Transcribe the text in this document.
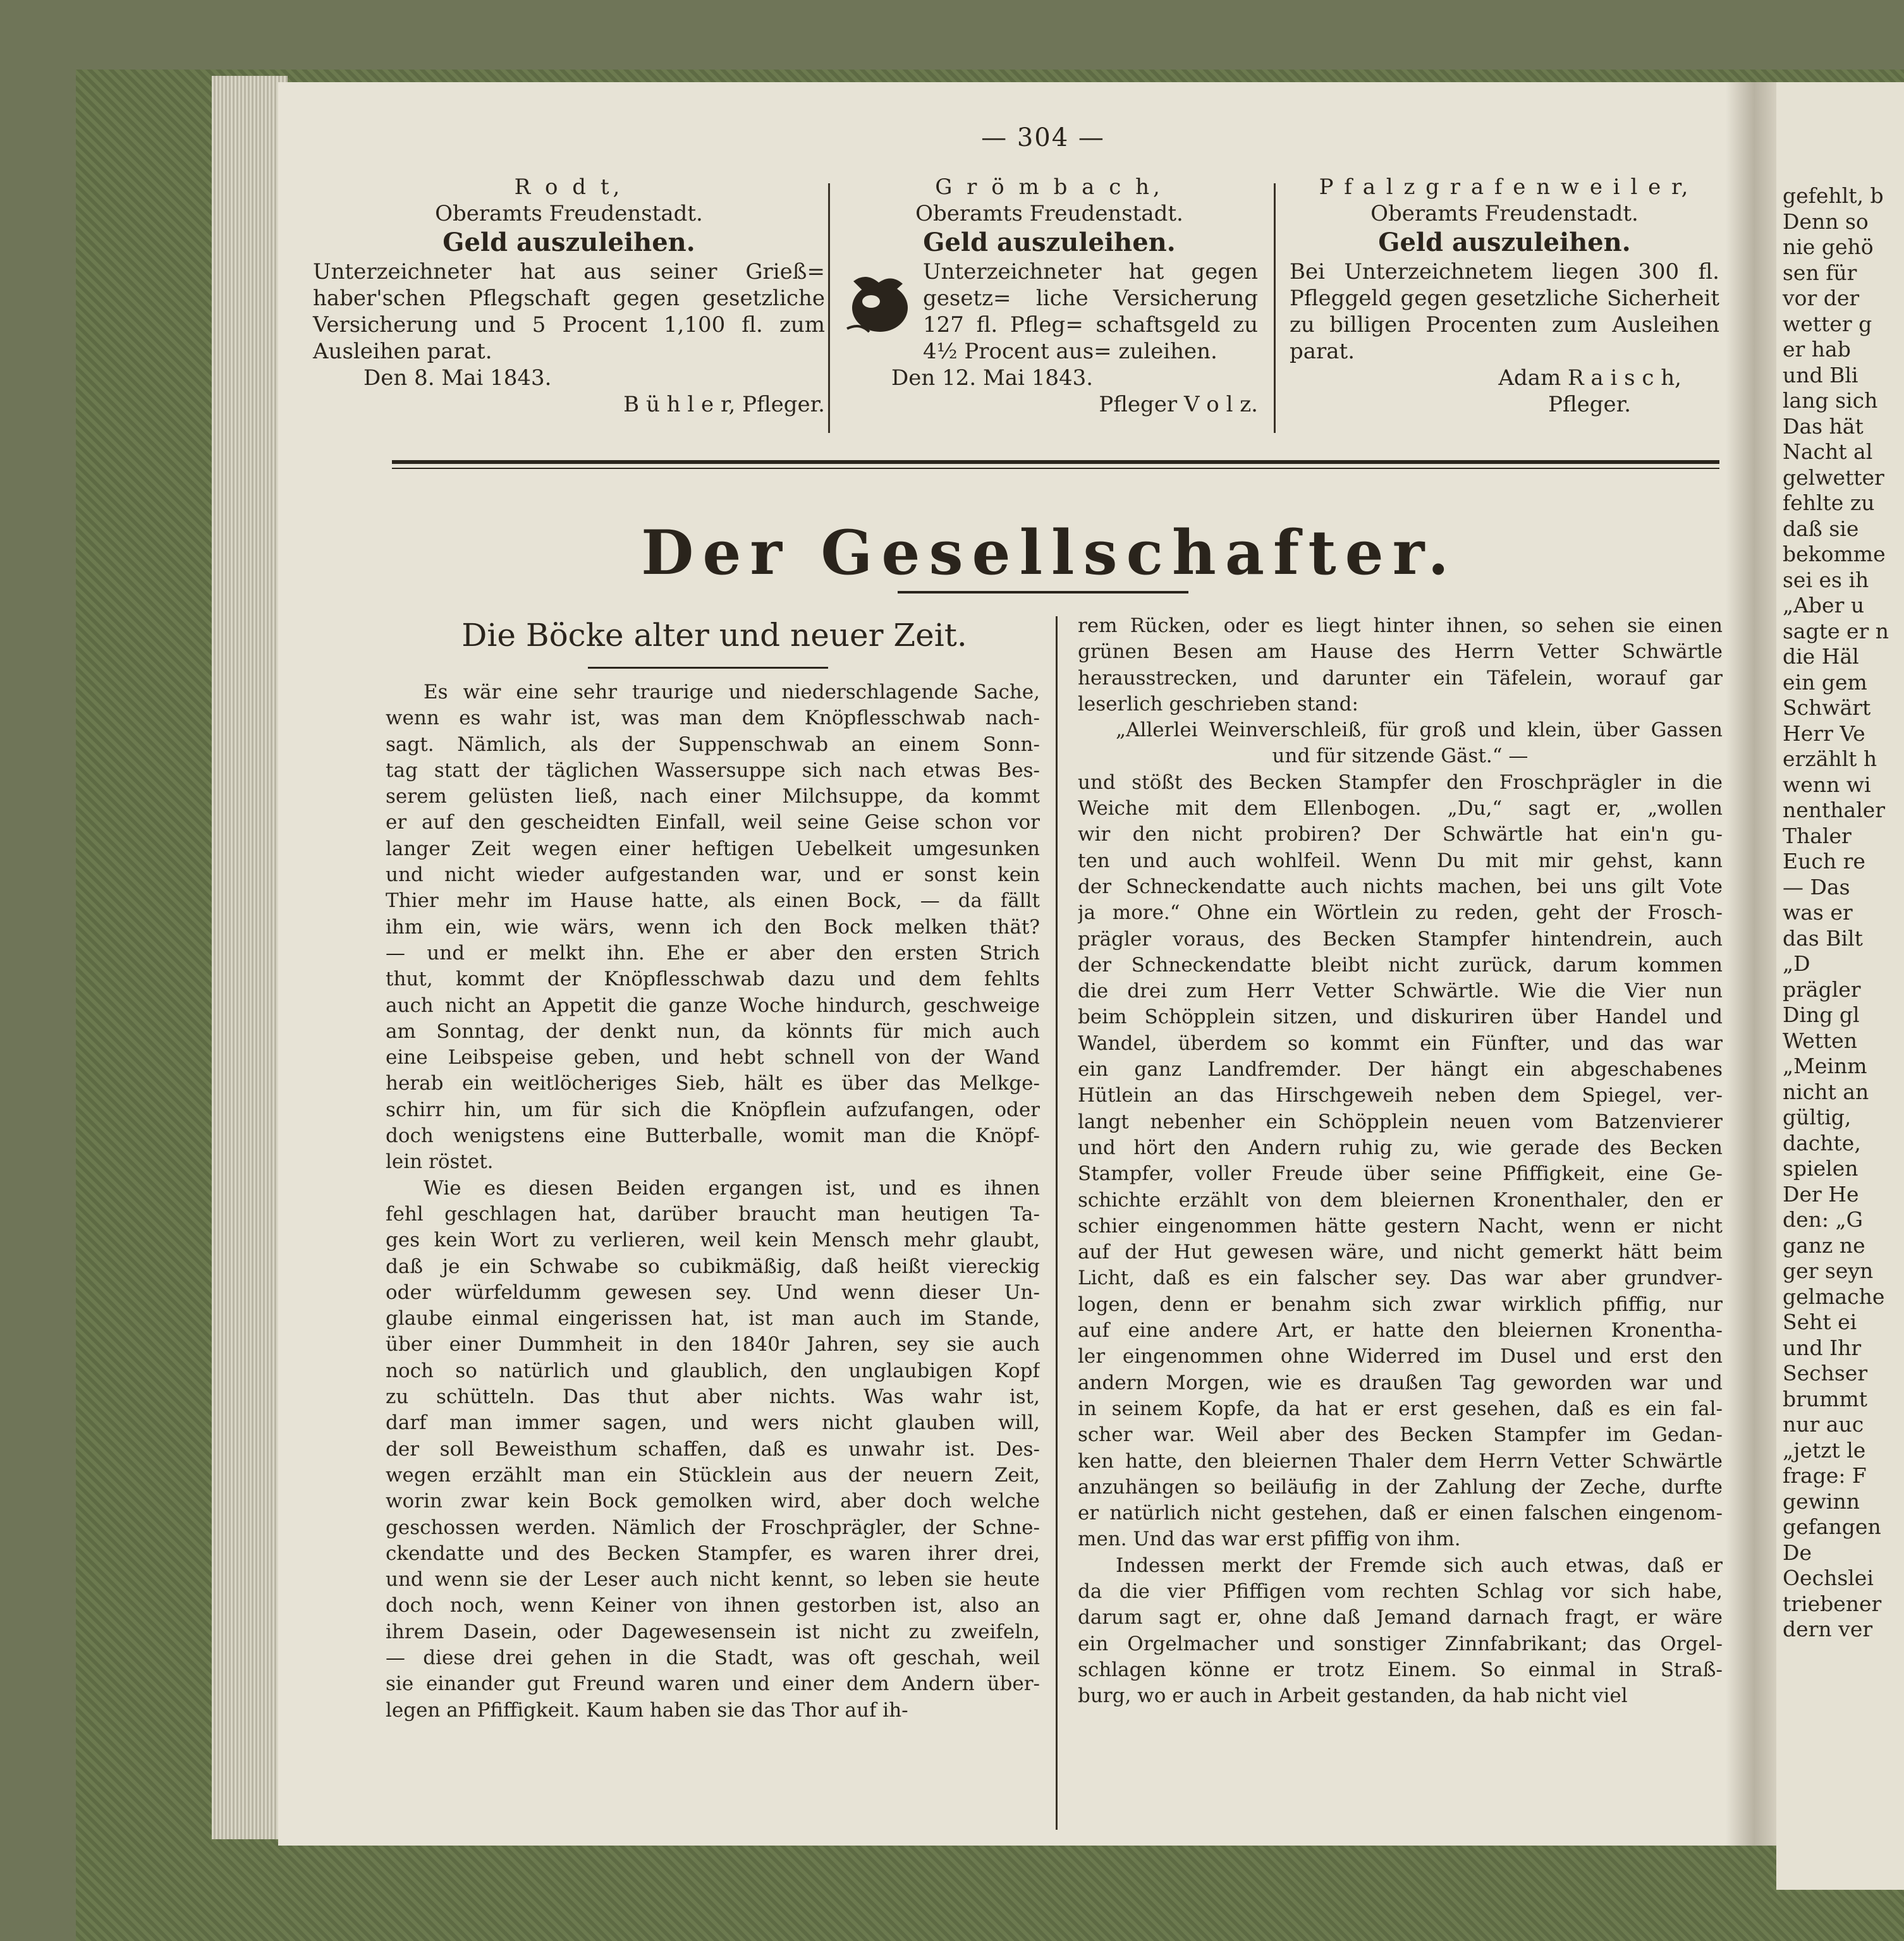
gefehlt, b
Denn so
nie gehö
sen für
vor der
wetter g
er hab
und Bli
lang sich
Das hät
Nacht al
gelwetter
fehlte zu
daß sie
bekomme
sei es ih
„Aber u
sagte er n
die Häl
ein gem
Schwärt
Herr Ve
erzählt h
wenn wi
nenthaler
Thaler
Euch re
— Das
was er
das Bilt
„D
prägler
Ding gl
Wetten
„Meinm
nicht an
gültig,
dachte,
spielen
Der He
den: „G
ganz ne
ger seyn
gelmache
Seht ei
und Ihr
Sechser
brummt
nur auc
„jetzt le
frage: F
gewinn
gefangen
De
Oechslei
triebener
dern ver
— 304 —
R o d t,
Oberamts Freudenstadt.
Geld auszuleihen.
Unterzeichneter hat aus seiner Grieß= haber'schen Pflegschaft gegen gesetzliche Versicherung und 5 Procent 1,100 fl. zum Ausleihen parat.
Den 8. Mai 1843.
B ü h l e r, Pfleger.
G r ö m b a c h,
Oberamts Freudenstadt.
Geld auszuleihen.
Unterzeichneter hat gegen gesetz= liche Versicherung 127 fl. Pfleg= schaftsgeld zu 4½ Procent aus= zuleihen.
Den 12. Mai 1843.
Pfleger V o l z.
P f a l z g r a f e n w e i l e r,
Oberamts Freudenstadt.
Geld auszuleihen.
Bei Unterzeichnetem liegen 300 fl. Pfleggeld gegen gesetzliche Sicherheit zu billigen Procenten zum Ausleihen parat.
Adam R a i s c h,
Pfleger.
Der Gesellschafter.
Die Böcke alter und neuer Zeit.

Es wär eine sehr traurige und niederschlagende Sache,

wenn es wahr ist, was man dem Knöpflesschwab nach-

sagt. Nämlich, als der Suppenschwab an einem Sonn-

tag statt der täglichen Wassersuppe sich nach etwas Bes-

serem gelüsten ließ, nach einer Milchsuppe, da kommt

er auf den gescheidten Einfall, weil seine Geise schon vor

langer Zeit wegen einer heftigen Uebelkeit umgesunken

und nicht wieder aufgestanden war, und er sonst kein

Thier mehr im Hause hatte, als einen Bock, — da fällt

ihm ein, wie wärs, wenn ich den Bock melken thät?

— und er melkt ihn. Ehe er aber den ersten Strich

thut, kommt der Knöpflesschwab dazu und dem fehlts

auch nicht an Appetit die ganze Woche hindurch, geschweige

am Sonntag, der denkt nun, da könnts für mich auch

eine Leibspeise geben, und hebt schnell von der Wand

herab ein weitlöcheriges Sieb, hält es über das Melkge-

schirr hin, um für sich die Knöpflein aufzufangen, oder

doch wenigstens eine Butterballe, womit man die Knöpf-

lein röstet.

Wie es diesen Beiden ergangen ist, und es ihnen

fehl geschlagen hat, darüber braucht man heutigen Ta-

ges kein Wort zu verlieren, weil kein Mensch mehr glaubt,

daß je ein Schwabe so cubikmäßig, daß heißt viereckig

oder würfeldumm gewesen sey. Und wenn dieser Un-

glaube einmal eingerissen hat, ist man auch im Stande,

über einer Dummheit in den 1840r Jahren, sey sie auch

noch so natürlich und glaublich, den unglaubigen Kopf

zu schütteln. Das thut aber nichts. Was wahr ist,

darf man immer sagen, und wers nicht glauben will,

der soll Beweisthum schaffen, daß es unwahr ist. Des-

wegen erzählt man ein Stücklein aus der neuern Zeit,

worin zwar kein Bock gemolken wird, aber doch welche

geschossen werden. Nämlich der Froschprägler, der Schne-

ckendatte und des Becken Stampfer, es waren ihrer drei,

und wenn sie der Leser auch nicht kennt, so leben sie heute

doch noch, wenn Keiner von ihnen gestorben ist, also an

ihrem Dasein, oder Dagewesensein ist nicht zu zweifeln,

— diese drei gehen in die Stadt, was oft geschah, weil

sie einander gut Freund waren und einer dem Andern über-

legen an Pfiffigkeit. Kaum haben sie das Thor auf ih-

rem Rücken, oder es liegt hinter ihnen, so sehen sie einen

grünen Besen am Hause des Herrn Vetter Schwärtle

herausstrecken, und darunter ein Täfelein, worauf gar

leserlich geschrieben stand:

„Allerlei Weinverschleiß, für groß und klein, über Gassen

und für sitzende Gäst.“ —

und stößt des Becken Stampfer den Froschprägler in die

Weiche mit dem Ellenbogen. „Du,“ sagt er, „wollen

wir den nicht probiren? Der Schwärtle hat ein'n gu-

ten und auch wohlfeil. Wenn Du mit mir gehst, kann

der Schneckendatte auch nichts machen, bei uns gilt Vote

ja more.“ Ohne ein Wörtlein zu reden, geht der Frosch-

prägler voraus, des Becken Stampfer hintendrein, auch

der Schneckendatte bleibt nicht zurück, darum kommen

die drei zum Herr Vetter Schwärtle. Wie die Vier nun

beim Schöpplein sitzen, und diskuriren über Handel und

Wandel, überdem so kommt ein Fünfter, und das war

ein ganz Landfremder. Der hängt ein abgeschabenes

Hütlein an das Hirschgeweih neben dem Spiegel, ver-

langt nebenher ein Schöpplein neuen vom Batzenvierer

und hört den Andern ruhig zu, wie gerade des Becken

Stampfer, voller Freude über seine Pfiffigkeit, eine Ge-

schichte erzählt von dem bleiernen Kronenthaler, den er

schier eingenommen hätte gestern Nacht, wenn er nicht

auf der Hut gewesen wäre, und nicht gemerkt hätt beim

Licht, daß es ein falscher sey. Das war aber grundver-

logen, denn er benahm sich zwar wirklich pfiffig, nur

auf eine andere Art, er hatte den bleiernen Kronentha-

ler eingenommen ohne Widerred im Dusel und erst den

andern Morgen, wie es draußen Tag geworden war und

in seinem Kopfe, da hat er erst gesehen, daß es ein fal-

scher war. Weil aber des Becken Stampfer im Gedan-

ken hatte, den bleiernen Thaler dem Herrn Vetter Schwärtle

anzuhängen so beiläufig in der Zahlung der Zeche, durfte

er natürlich nicht gestehen, daß er einen falschen eingenom-

men. Und das war erst pfiffig von ihm.

Indessen merkt der Fremde sich auch etwas, daß er

da die vier Pfiffigen vom rechten Schlag vor sich habe,

darum sagt er, ohne daß Jemand darnach fragt, er wäre

ein Orgelmacher und sonstiger Zinnfabrikant; das Orgel-

schlagen könne er trotz Einem. So einmal in Straß-

burg, wo er auch in Arbeit gestanden, da hab nicht viel
